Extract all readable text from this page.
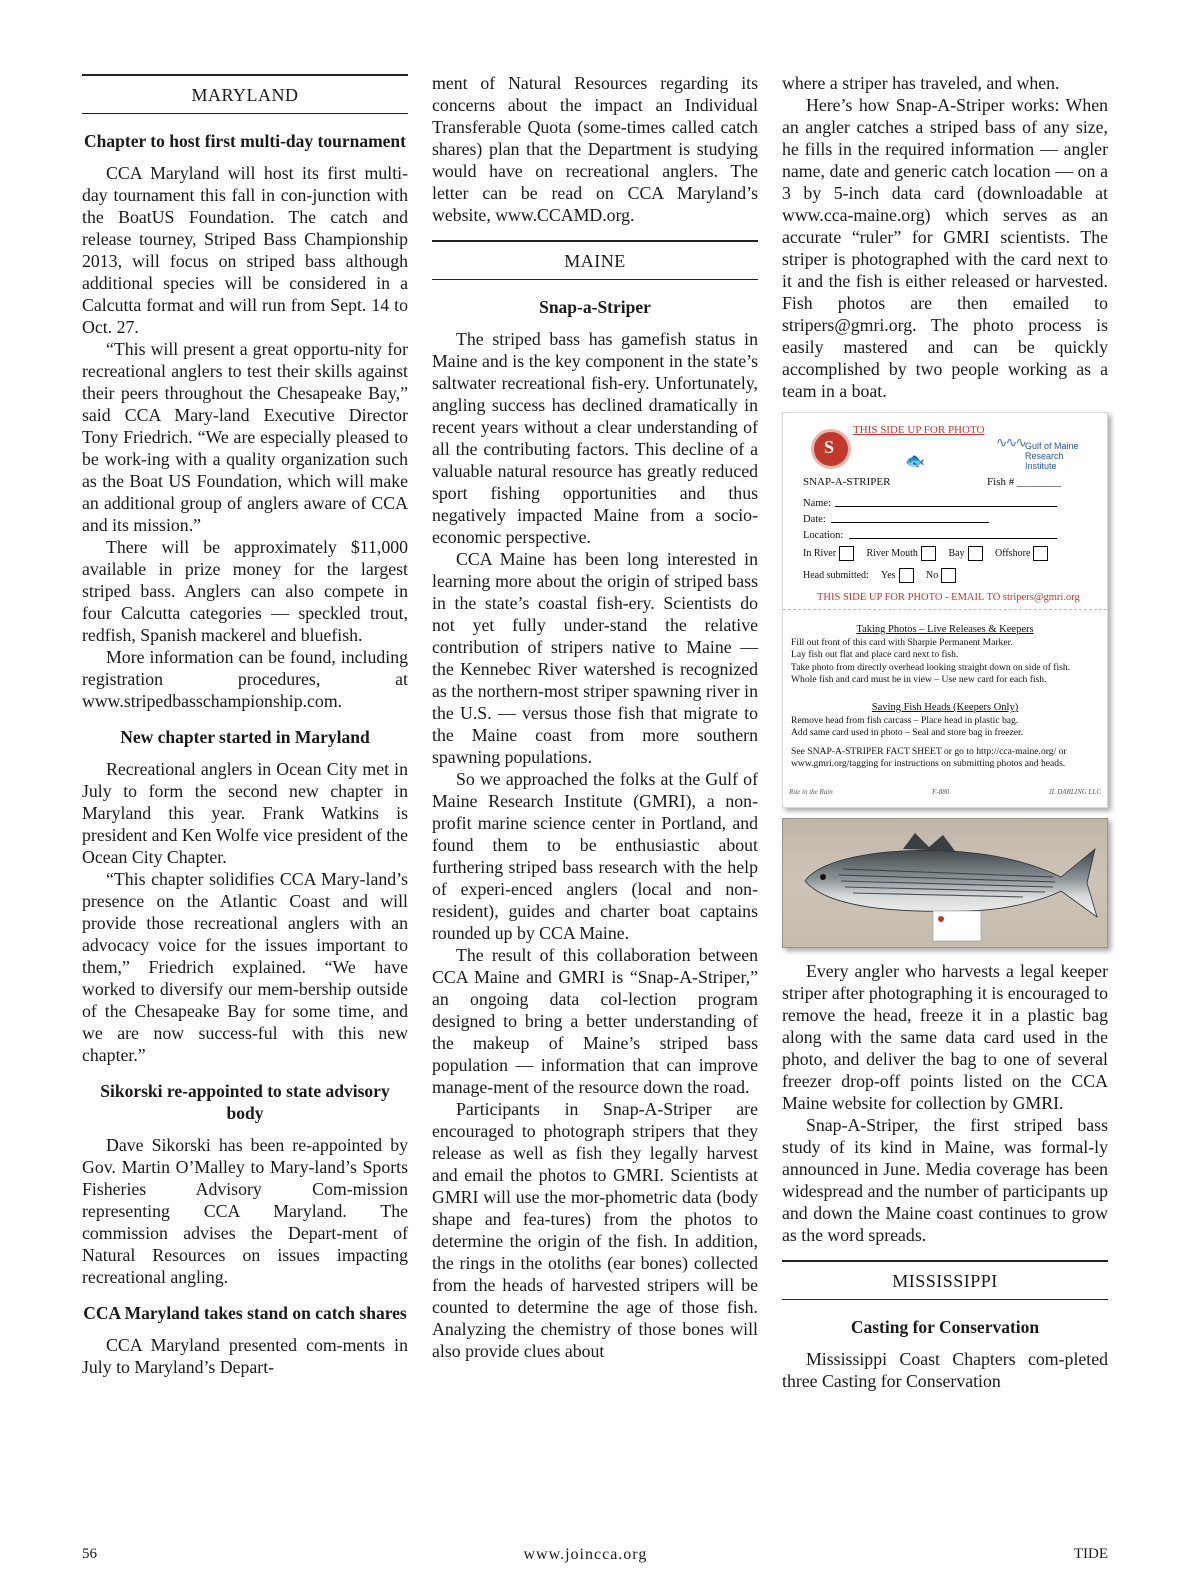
MARYLAND
Chapter to host first multi-day tournament

CCA Maryland will host its first multi-day tournament this fall in con-junction with the BoatUS Foundation. The catch and release tourney, Striped Bass Championship 2013, will focus on striped bass although additional species will be considered in a Calcutta format and will run from Sept. 14 to Oct. 27.

“This will present a great opportu-nity for recreational anglers to test their skills against their peers throughout the Chesapeake Bay,” said CCA Mary-land Executive Director Tony Friedrich. “We are especially pleased to be work-ing with a quality organization such as the Boat US Foundation, which will make an additional group of anglers aware of CCA and its mission.”

There will be approximately $11,000 available in prize money for the largest striped bass. Anglers can also compete in four Calcutta categories — speckled trout, redfish, Spanish mackerel and bluefish.

More information can be found, including registration procedures, at www.stripedbasschampionship.com.

New chapter started in Maryland

Recreational anglers in Ocean City met in July to form the second new chapter in Maryland this year. Frank Watkins is president and Ken Wolfe vice president of the Ocean City Chapter.

“This chapter solidifies CCA Mary-land’s presence on the Atlantic Coast and will provide those recreational anglers with an advocacy voice for the issues important to them,” Friedrich explained. “We have worked to diversify our mem-bership outside of the Chesapeake Bay for some time, and we are now success-ful with this new chapter.”

Sikorski re-appointed to state advisory body

Dave Sikorski has been re-appointed by Gov. Martin O’Malley to Mary-land’s Sports Fisheries Advisory Com-mission representing CCA Maryland. The commission advises the Depart-ment of Natural Resources on issues impacting recreational angling.

CCA Maryland takes stand on catch shares

CCA Maryland presented com-ments in July to Maryland’s Depart-

ment of Natural Resources regarding its concerns about the impact an Individual Transferable Quota (some-times called catch shares) plan that the Department is studying would have on recreational anglers. The letter can be read on CCA Maryland’s website, www.CCAMD.org.

MAINE
Snap-a-Striper

The striped bass has gamefish status in Maine and is the key component in the state’s saltwater recreational fish-ery. Unfortunately, angling success has declined dramatically in recent years without a clear understanding of all the contributing factors. This decline of a valuable natural resource has greatly reduced sport fishing opportunities and thus negatively impacted Maine from a socio-economic perspective.

CCA Maine has been long interested in learning more about the origin of striped bass in the state’s coastal fish-ery. Scientists do not yet fully under-stand the relative contribution of stripers native to Maine — the Kennebec River watershed is recognized as the northern-most striper spawning river in the U.S. — versus those fish that migrate to the Maine coast from more southern spawning populations.

So we approached the folks at the Gulf of Maine Research Institute (GMRI), a non-profit marine science center in Portland, and found them to be enthusiastic about furthering striped bass research with the help of experi-enced anglers (local and non-resident), guides and charter boat captains rounded up by CCA Maine.

The result of this collaboration between CCA Maine and GMRI is “Snap-A-Striper,” an ongoing data col-lection program designed to bring a better understanding of the makeup of Maine’s striped bass population — information that can improve manage-ment of the resource down the road.

Participants in Snap-A-Striper are encouraged to photograph stripers that they release as well as fish they legally harvest and email the photos to GMRI. Scientists at GMRI will use the mor-phometric data (body shape and fea-tures) from the photos to determine the origin of the fish. In addition, the rings in the otoliths (ear bones) collected from the heads of harvested stripers will be counted to determine the age of those fish. Analyzing the chemistry of those bones will also provide clues about

where a striper has traveled, and when.

Here’s how Snap-A-Striper works: When an angler catches a striped bass of any size, he fills in the required information — angler name, date and generic catch location — on a 3 by 5-inch data card (downloadable at www.cca-maine.org) which serves as an accurate “ruler” for GMRI scientists. The striper is photographed with the card next to it and the fish is either released or harvested. Fish photos are then emailed to stripers@gmri.org. The photo process is easily mastered and can be quickly accomplished by two people working as a team in a boat.

THIS SIDE UP FOR PHOTO
S
∿∿∿ Gulf of Maine Research Institute
🐟
SNAP-A-STRIPER	Fish # ________
Name:
Date:
Location:
In River	River Mouth	Bay	Offshore
Head submitted: Yes	No
THIS SIDE UP FOR PHOTO - EMAIL TO stripers@gmri.org
Taking Photos – Live Releases & Keepers
Fill out front of this card with Sharpie Permanent Marker.
Lay fish out flat and place card next to fish.
Take photo from directly overhead looking straight down on side of fish.
Whole fish and card must be in view – Use new card for each fish.
Saving Fish Heads (Keepers Only)
Remove head from fish carcass – Place head in plastic bag.
Add same card used in photo – Seal and store bag in freezer.
See SNAP-A-STRIPER FACT SHEET or go to http://cca-maine.org/ or www.gmri.org/tagging for instructions on submitting photos and heads.
Rite in the Rain	F-880	JL DARLING LLC

Every angler who harvests a legal keeper striper after photographing it is encouraged to remove the head, freeze it in a plastic bag along with the same data card used in the photo, and deliver the bag to one of several freezer drop-off points listed on the CCA Maine website for collection by GMRI.

Snap-A-Striper, the first striped bass study of its kind in Maine, was formal-ly announced in June. Media coverage has been widespread and the number of participants up and down the Maine coast continues to grow as the word spreads.

MISSISSIPPI
Casting for Conservation

Mississippi Coast Chapters com-pleted three Casting for Conservation

56	www.joincca.org	TIDE
